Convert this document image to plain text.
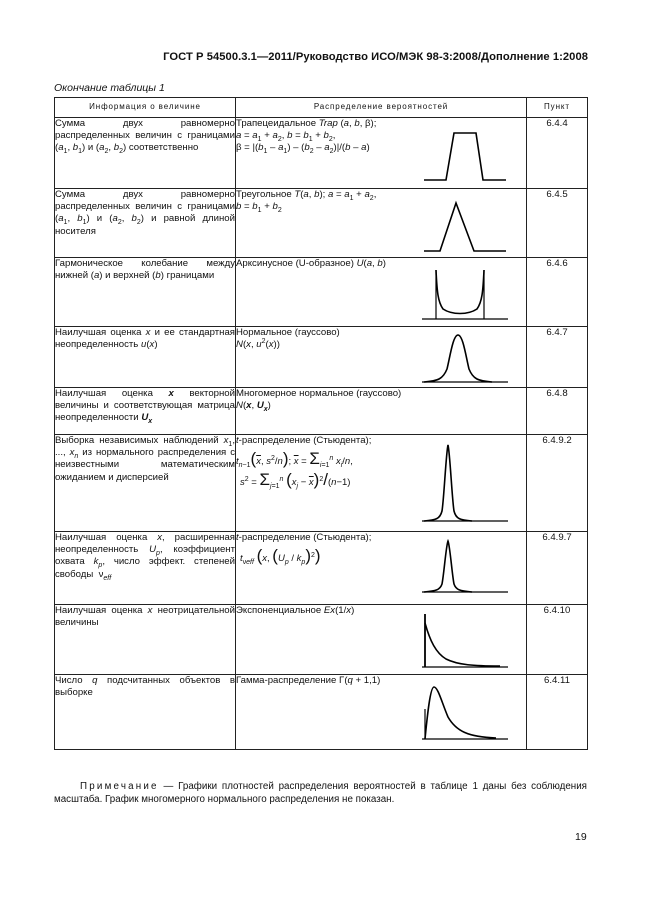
ГОСТ Р 54500.3.1—2011/Руководство ИСО/МЭК 98-3:2008/Дополнение 1:2008
Окончание таблицы 1
Информация о величине	Распределение вероятностей		Пункт
Сумма двух равномерно распределенных величин с границами ($a_1$, $b_1$) и ($a_2$, $b_2$) соответственно	Трапецеидальное Trap (a, b, β);
$a = a_1 + a_2$, $b = b_1 + b_2$,
$\beta = |(b_1 - a_1) - (b_2 - a_2)|/(b - a)$		6.4.4
Сумма двух равномерно распределенных величин с границами ($a_1$, $b_1$) и ($a_2$, $b_2$) и равной длиной носителя	Треугольное T(a, b); $a = a_1 + a_2$,
$b = b_1 + b_2$		6.4.5
Гармоническое колебание между нижней (a) и верхней (b) границами	Арксинусное (U-образное) U(a, b)		6.4.6
Наилучшая оценка x и ее стандартная неопределенность u(x)	Нормальное (гауссово)
N(x, $u^2(x)$)		6.4.7
Наилучшая оценка x векторной величины и соответствующая матрица неопределенности $U_x$	Многомерное нормальное (гауссово) N(x, $U_x$)		6.4.8
Выборка независимых наблюдений $x_1$, ..., $x_n$ из нормального распределения с неизвестными математическим ожиданием и дисперсией	t-распределение (Стьюдента);
$t_{n-1}(\overline{x}$, $s^2/n$); $\overline{x} = \Sigma_{i=1}^n$ $x_i/n$,
$s^2 = \Sigma_{j=1}^n$ $(x_j - \overline{x})^2/(n-1)$		6.4.9.2
Наилучшая оценка x, расширенная неопределенность $U_p$, коэффициент охвата $k_p$, число эффект. степеней свободы  $\nu_{eff}$	t-распределение (Стьюдента);
$t_{\nu eff}$ (x, $(U_p / k_p)^2$)		6.4.9.7
Наилучшая оценка x неотрицательной величины	Экспоненциальное Ex(1/x)		6.4.10
Число q подсчитанных объектов в выборке	Гамма-распределение Γ(q + 1,1)		6.4.11
Примечание — Графики плотностей распределения вероятностей в таблице 1 даны без соблюдения масштаба. График многомерного нормального распределения не показан.
19
